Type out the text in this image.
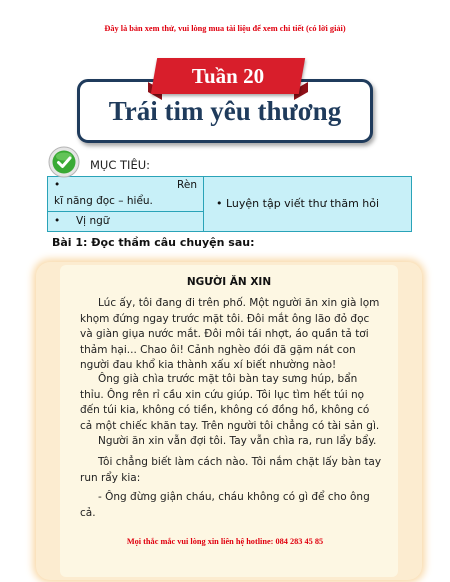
Đây là bản xem thử, vui lòng mua tài liệu để xem chi tiết (có lời giải)
Tuần 20
Trái tim yêu thương
MỤC TIÊU:
•	Rèn
kĩ năng đọc – hiểu.
• Vị ngữ
• Luyện tập viết thư thăm hỏi
Bài 1: Đọc thầm câu chuyện sau:
NGƯỜI ĂN XIN

Lúc ấy, tôi đang đi trên phố. Một người ăn xin già lọm khọm đứng ngay trước mặt tôi. Đôi mắt ông lão đỏ đọc và giàn giụa nước mắt. Đôi môi tái nhợt, áo quần tả tơi thảm hại... Chao ôi! Cảnh nghèo đói đã gặm nát con người đau khổ kia thành xấu xí biết nhường nào!

Ông già chìa trước mặt tôi bàn tay sưng húp, bẩn thỉu. Ông rên rỉ cầu xin cứu giúp. Tôi lục tìm hết túi nọ đến túi kia, không có tiền, không có đồng hồ, không có cả một chiếc khăn tay. Trên người tôi chẳng có tài sản gì.

Người ăn xin vẫn đợi tôi. Tay vẫn chìa ra, run lẩy bẩy.

Tôi chẳng biết làm cách nào. Tôi nắm chặt lấy bàn tay run rẩy kia:

- Ông đừng giận cháu, cháu không có gì để cho ông cả.

Mọi thắc mắc vui lòng xin liên hệ hotline: 084 283 45 85
